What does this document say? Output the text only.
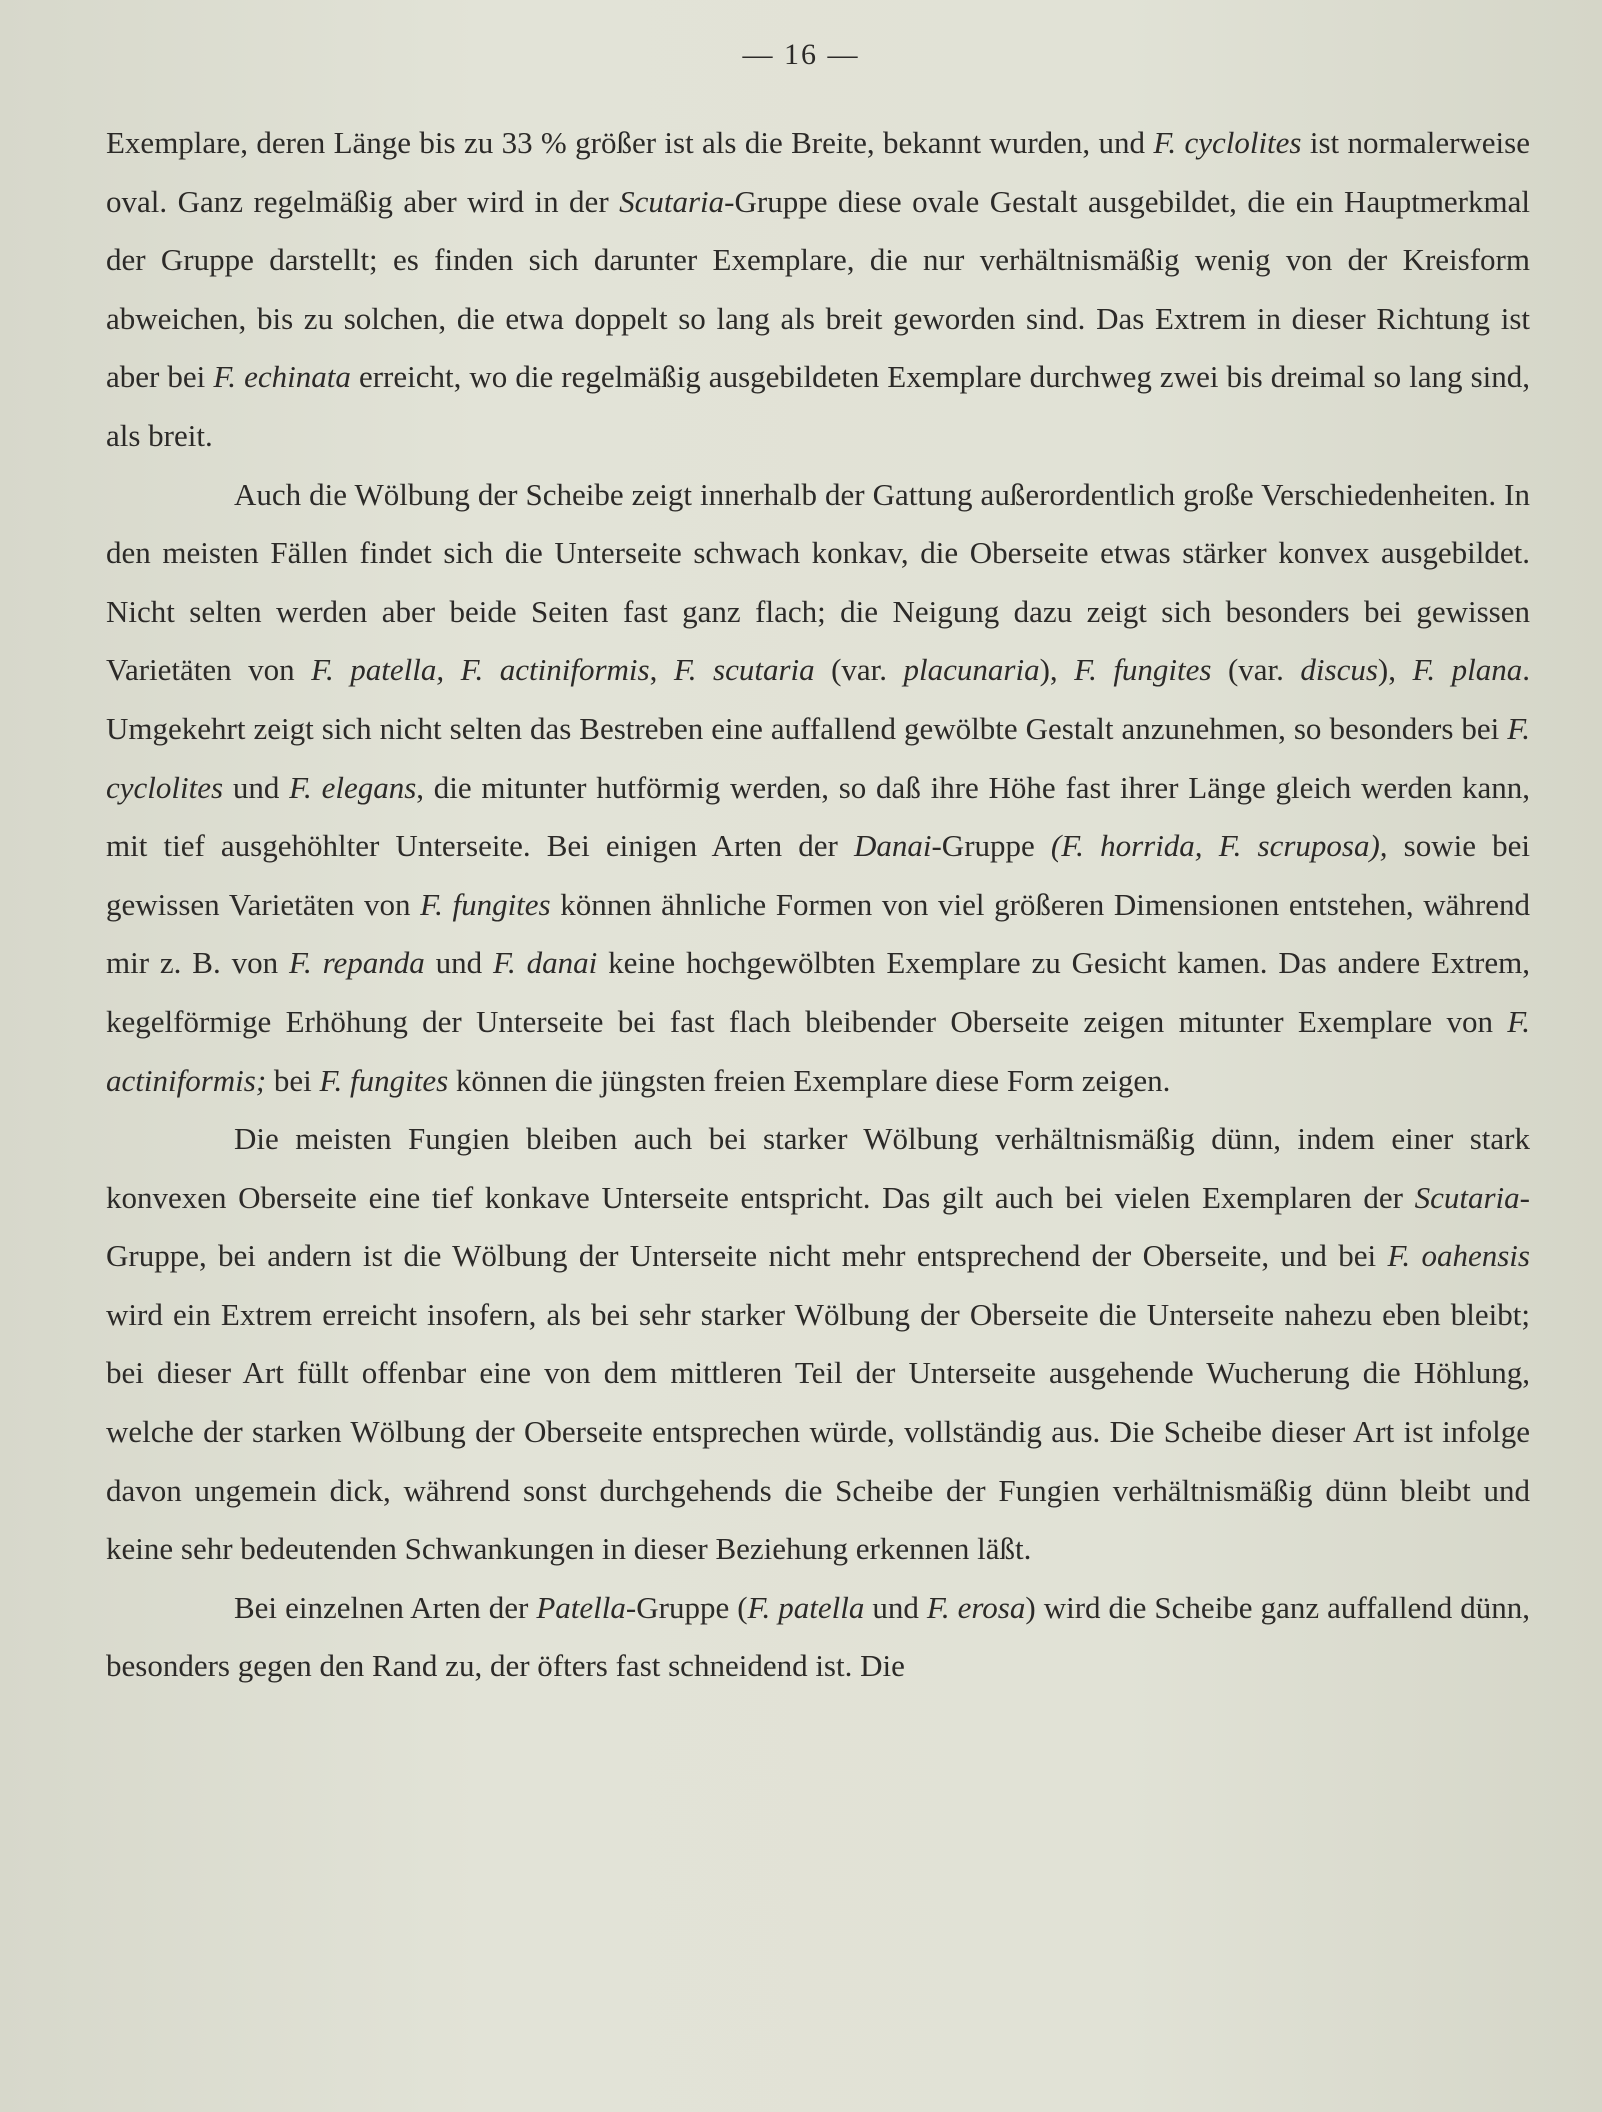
— 16 —

Exemplare, deren Länge bis zu 33 % größer ist als die Breite, bekannt wurden, und F. cyclolites ist normalerweise oval. Ganz regelmäßig aber wird in der Scutaria-Gruppe diese ovale Gestalt ausgebildet, die ein Hauptmerkmal der Gruppe darstellt; es finden sich darunter Exemplare, die nur verhältnismäßig wenig von der Kreisform abweichen, bis zu solchen, die etwa doppelt so lang als breit geworden sind. Das Extrem in dieser Richtung ist aber bei F. echinata erreicht, wo die regelmäßig ausgebildeten Exemplare durchweg zwei bis dreimal so lang sind, als breit.

Auch die Wölbung der Scheibe zeigt innerhalb der Gattung außerordentlich große Verschiedenheiten. In den meisten Fällen findet sich die Unterseite schwach konkav, die Oberseite etwas stärker konvex ausgebildet. Nicht selten werden aber beide Seiten fast ganz flach; die Neigung dazu zeigt sich besonders bei gewissen Varietäten von F. patella, F. actiniformis, F. scutaria (var. placunaria), F. fungites (var. discus), F. plana. Umgekehrt zeigt sich nicht selten das Bestreben eine auffallend gewölbte Gestalt anzunehmen, so besonders bei F. cyclolites und F. elegans, die mitunter hutförmig werden, so daß ihre Höhe fast ihrer Länge gleich werden kann, mit tief ausgehöhlter Unterseite. Bei einigen Arten der Danai-Gruppe (F. horrida, F. scruposa), sowie bei gewissen Varietäten von F. fungites können ähnliche Formen von viel größeren Dimensionen entstehen, während mir z. B. von F. repanda und F. danai keine hochgewölbten Exemplare zu Gesicht kamen. Das andere Extrem, kegelförmige Erhöhung der Unterseite bei fast flach bleibender Oberseite zeigen mitunter Exemplare von F. actiniformis; bei F. fungites können die jüngsten freien Exemplare diese Form zeigen.

Die meisten Fungien bleiben auch bei starker Wölbung verhältnismäßig dünn, indem einer stark konvexen Oberseite eine tief konkave Unterseite entspricht. Das gilt auch bei vielen Exemplaren der Scutaria-Gruppe, bei andern ist die Wölbung der Unterseite nicht mehr entsprechend der Oberseite, und bei F. oahensis wird ein Extrem erreicht insofern, als bei sehr starker Wölbung der Oberseite die Unterseite nahezu eben bleibt; bei dieser Art füllt offenbar eine von dem mittleren Teil der Unterseite ausgehende Wucherung die Höhlung, welche der starken Wölbung der Oberseite entsprechen würde, vollständig aus. Die Scheibe dieser Art ist infolge davon ungemein dick, während sonst durchgehends die Scheibe der Fungien verhältnismäßig dünn bleibt und keine sehr bedeutenden Schwankungen in dieser Beziehung erkennen läßt.

Bei einzelnen Arten der Patella-Gruppe (F. patella und F. erosa) wird die Scheibe ganz auffallend dünn, besonders gegen den Rand zu, der öfters fast schneidend ist. Die
